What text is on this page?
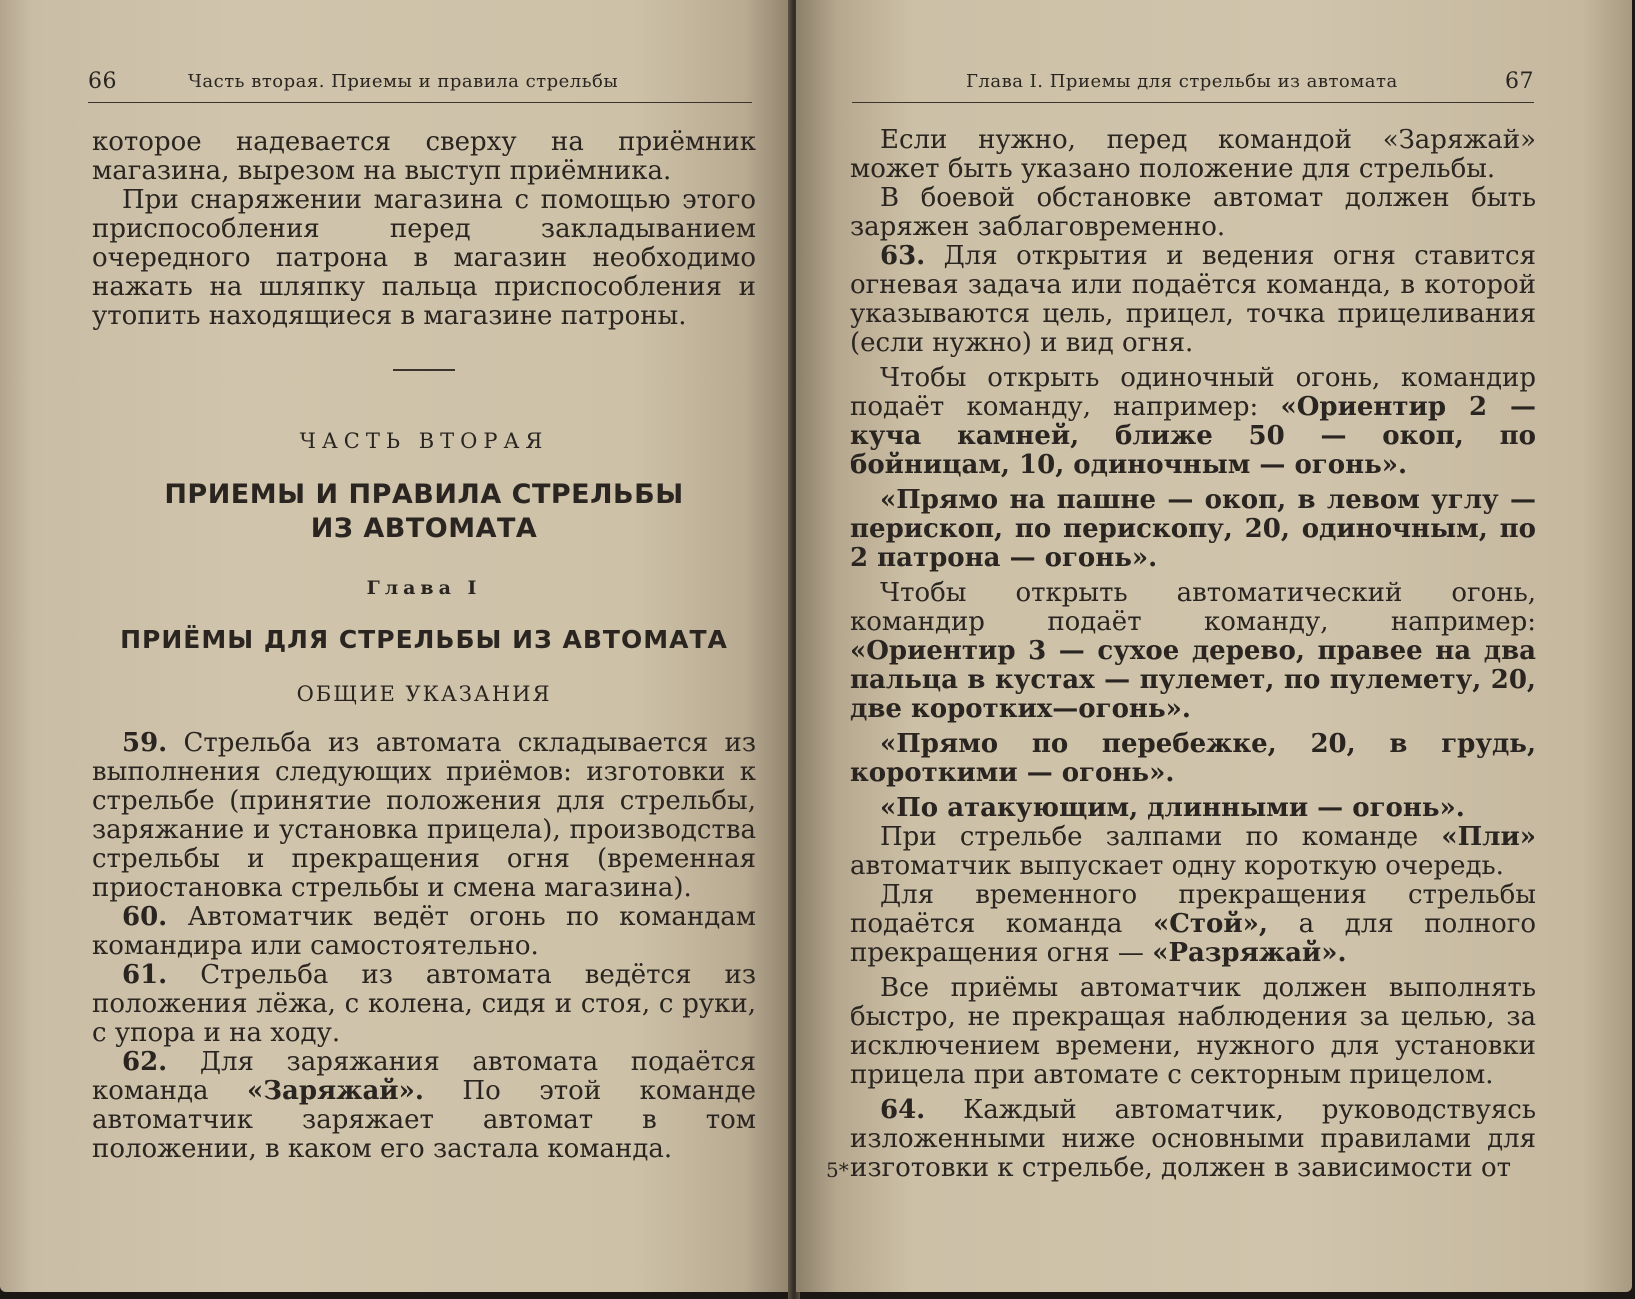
66	Часть вторая. Приемы и правила стрельбы

которое надевается сверху на приёмник магазина, вырезом на выступ приёмника.

При снаряжении магазина с помощью этого приспособления перед закладыванием очередного патрона в магазин необходимо нажать на шляпку пальца приспособления и утопить находящиеся в магазине патроны.

ЧАСТЬ ВТОРАЯ
ПРИЕМЫ И ПРАВИЛА СТРЕЛЬБЫ
ИЗ АВТОМАТА
Глава I
ПРИЁМЫ ДЛЯ СТРЕЛЬБЫ ИЗ АВТОМАТА
ОБЩИЕ УКАЗАНИЯ

59. Стрельба из автомата складывается из выполнения следующих приёмов: изготовки к стрельбе (принятие положения для стрельбы, заряжание и установка прицела), производства стрельбы и прекращения огня (временная приостановка стрельбы и смена магазина).

60. Автоматчик ведёт огонь по командам командира или самостоятельно.

61. Стрельба из автомата ведётся из положения лёжа, с колена, сидя и стоя, с руки, с упора и на ходу.

62. Для заряжания автомата подаётся команда «Заряжай». По этой команде автоматчик заряжает автомат в том положении, в каком его застала команда.

Глава I. Приемы для стрельбы из автомата	67

Если нужно, перед командой «Заряжай» может быть указано положение для стрельбы.

В боевой обстановке автомат должен быть заряжен заблаговременно.

63. Для открытия и ведения огня ставится огневая задача или подаётся команда, в которой указываются цель, прицел, точка прицеливания (если нужно) и вид огня.

Чтобы открыть одиночный огонь, командир подаёт команду, например: «Ориентир 2 — куча камней, ближе 50 — окоп, по бойницам, 10, одиночным — огонь».

«Прямо на пашне — окоп, в левом углу — перископ, по перископу, 20, одиночным, по 2 патрона — огонь».

Чтобы открыть автоматический огонь, командир подаёт команду, например: «Ориентир 3 — сухое дерево, правее на два пальца в кустах — пулемет, по пулемету, 20, две коротких—огонь».

«Прямо по перебежке, 20, в грудь, короткими — огонь».

«По атакующим, длинными — огонь».

При стрельбе залпами по команде «Пли» автоматчик выпускает одну короткую очередь.

Для временного прекращения стрельбы подаётся команда «Стой», а для полного прекращения огня — «Разряжай».

Все приёмы автоматчик должен выполнять быстро, не прекращая наблюдения за целью, за исключением времени, нужного для установки прицела при автомате с секторным прицелом.

64. Каждый автоматчик, руководствуясь изложенными ниже основными правилами для изготовки к стрельбе, должен в зависимости от

5*
